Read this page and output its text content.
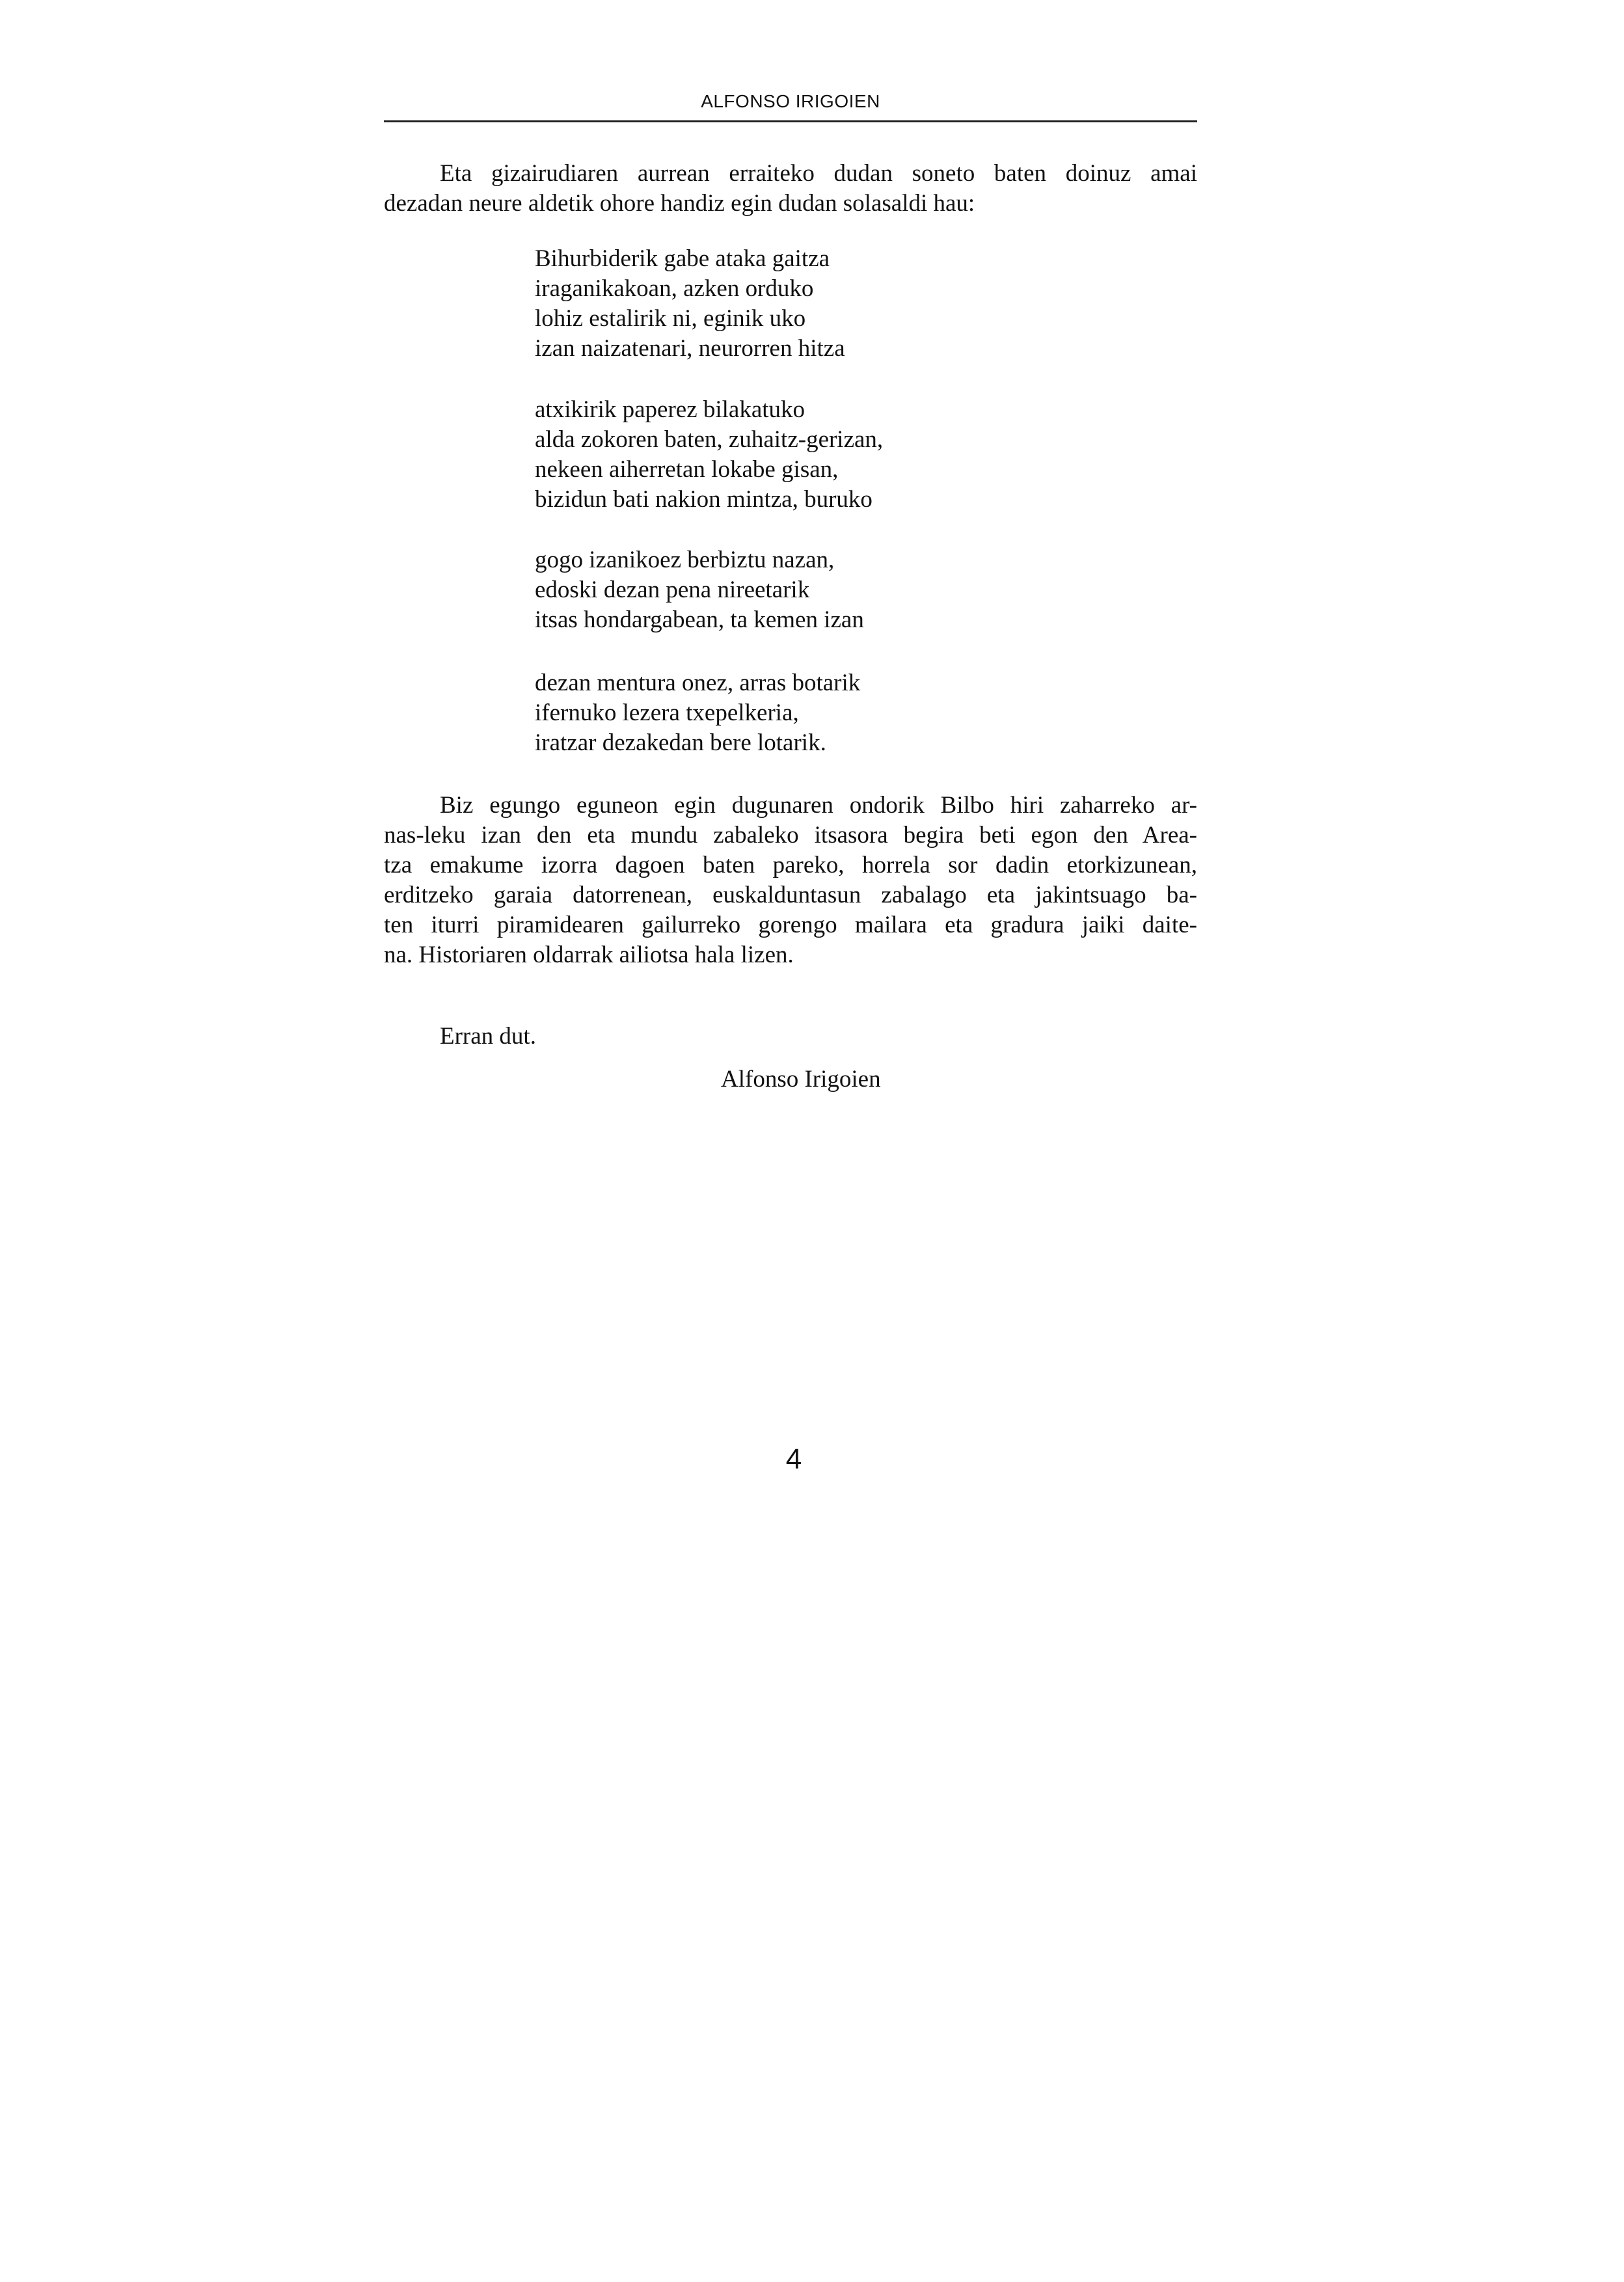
ALFONSO IRIGOIEN

Eta gizairudiaren aurrean erraiteko dudan soneto baten doinuz amai
dezadan neure aldetik ohore handiz egin dudan solasaldi hau:

Bihurbiderik gabe ataka gaitza
iraganikakoan, azken orduko
lohiz estalirik ni, eginik uko
izan naizatenari, neurorren hitza
atxikirik paperez bilakatuko
alda zokoren baten, zuhaitz-gerizan,
nekeen aiherretan lokabe gisan,
bizidun bati nakion mintza, buruko
gogo izanikoez berbiztu nazan,
edoski dezan pena nireetarik
itsas hondargabean, ta kemen izan
dezan mentura onez, arras botarik
ifernuko lezera txepelkeria,
iratzar dezakedan bere lotarik.

Biz egungo eguneon egin dugunaren ondorik Bilbo hiri zaharreko ar-
nas-leku izan den eta mundu zabaleko itsasora begira beti egon den Area-
tza emakume izorra dagoen baten pareko, horrela sor dadin etorkizunean,
erditzeko garaia datorrenean, euskalduntasun zabalago eta jakintsuago ba-
ten iturri piramidearen gailurreko gorengo mailara eta gradura jaiki daite-
na. Historiaren oldarrak ailiotsa hala lizen.

Erran dut.
Alfonso Irigoien
4
